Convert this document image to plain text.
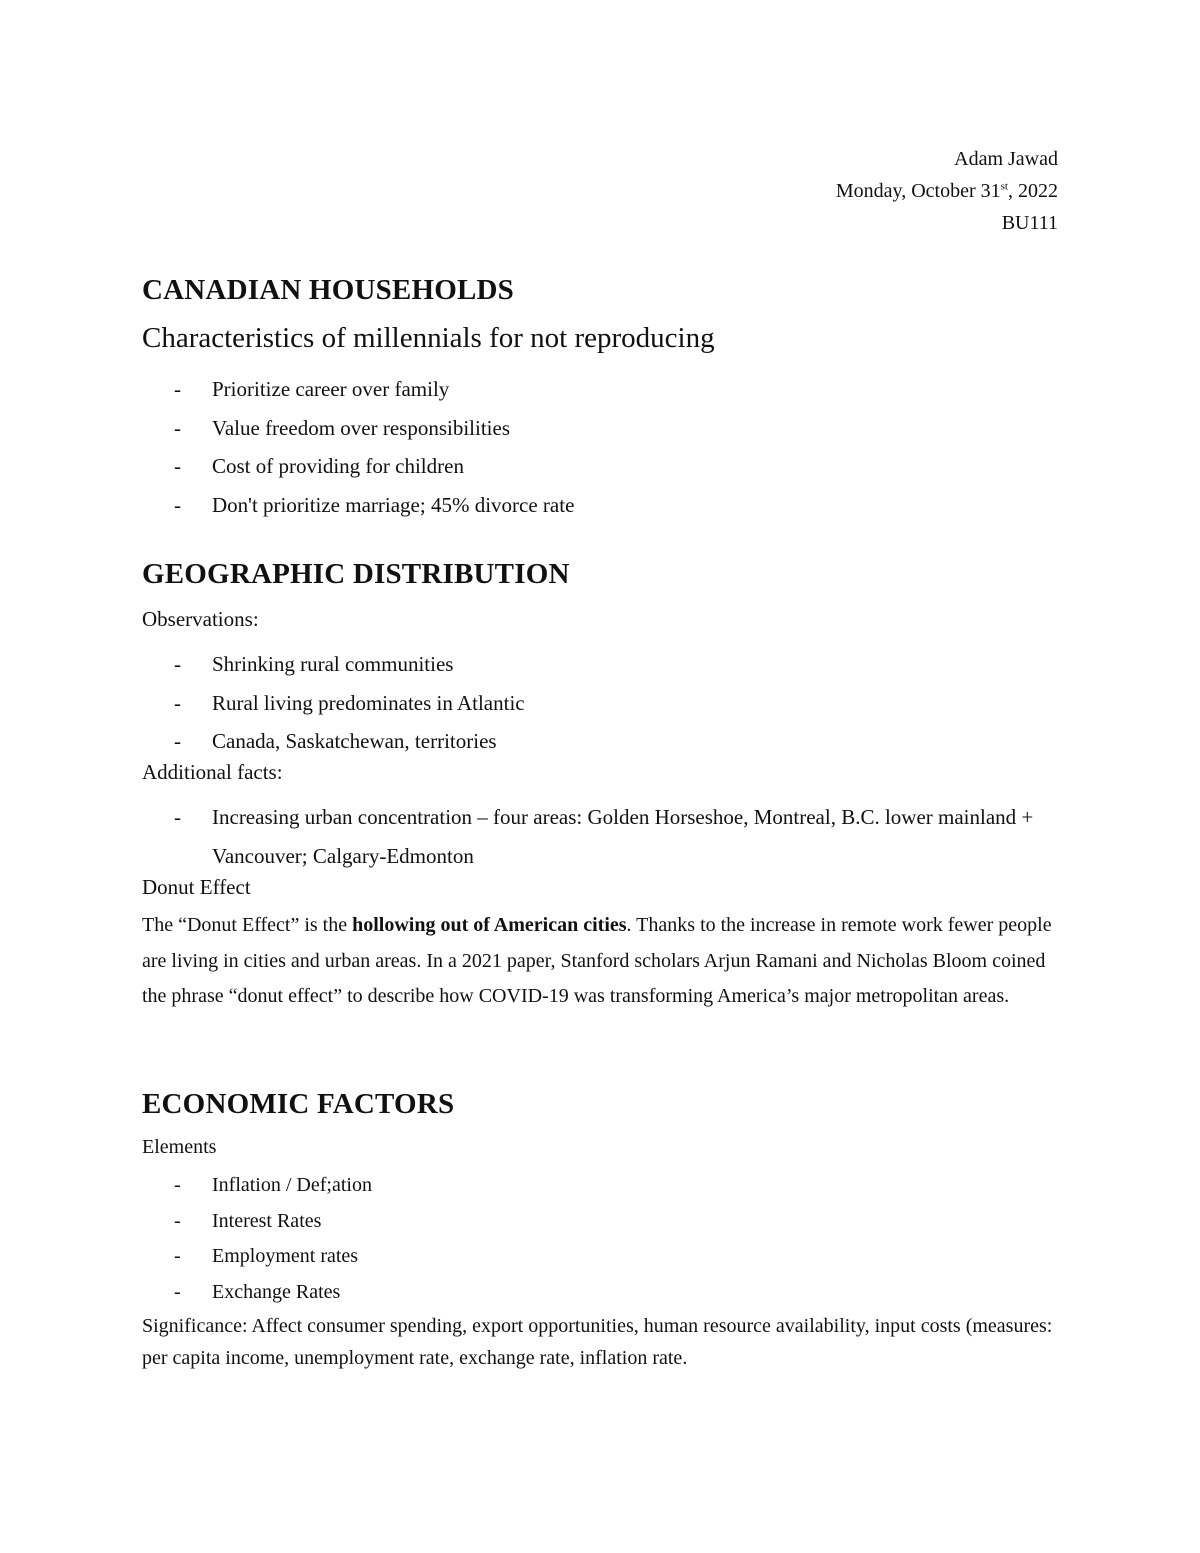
Adam Jawad
Monday, October 31st, 2022
BU111
CANADIAN HOUSEHOLDS
Characteristics of millennials for not reproducing
- Prioritize career over family
- Value freedom over responsibilities
- Cost of providing for children
- Don't prioritize marriage; 45% divorce rate
GEOGRAPHIC DISTRIBUTION

Observations:

- Shrinking rural communities
- Rural living predominates in Atlantic
- Canada, Saskatchewan, territories

Additional facts:

- Increasing urban concentration – four areas: Golden Horseshoe, Montreal, B.C. lower mainland + Vancouver; Calgary-Edmonton

Donut Effect

The “Donut Effect” is the hollowing out of American cities. Thanks to the increase in remote work fewer people are living in cities and urban areas. In a 2021 paper, Stanford scholars Arjun Ramani and Nicholas Bloom coined the phrase “donut effect” to describe how COVID-19 was transforming America’s major metropolitan areas.

ECONOMIC FACTORS

Elements

- Inflation / Def;ation
- Interest Rates
- Employment rates
- Exchange Rates

Significance: Affect consumer spending, export opportunities, human resource availability, input costs (measures: per capita income, unemployment rate, exchange rate, inflation rate.
